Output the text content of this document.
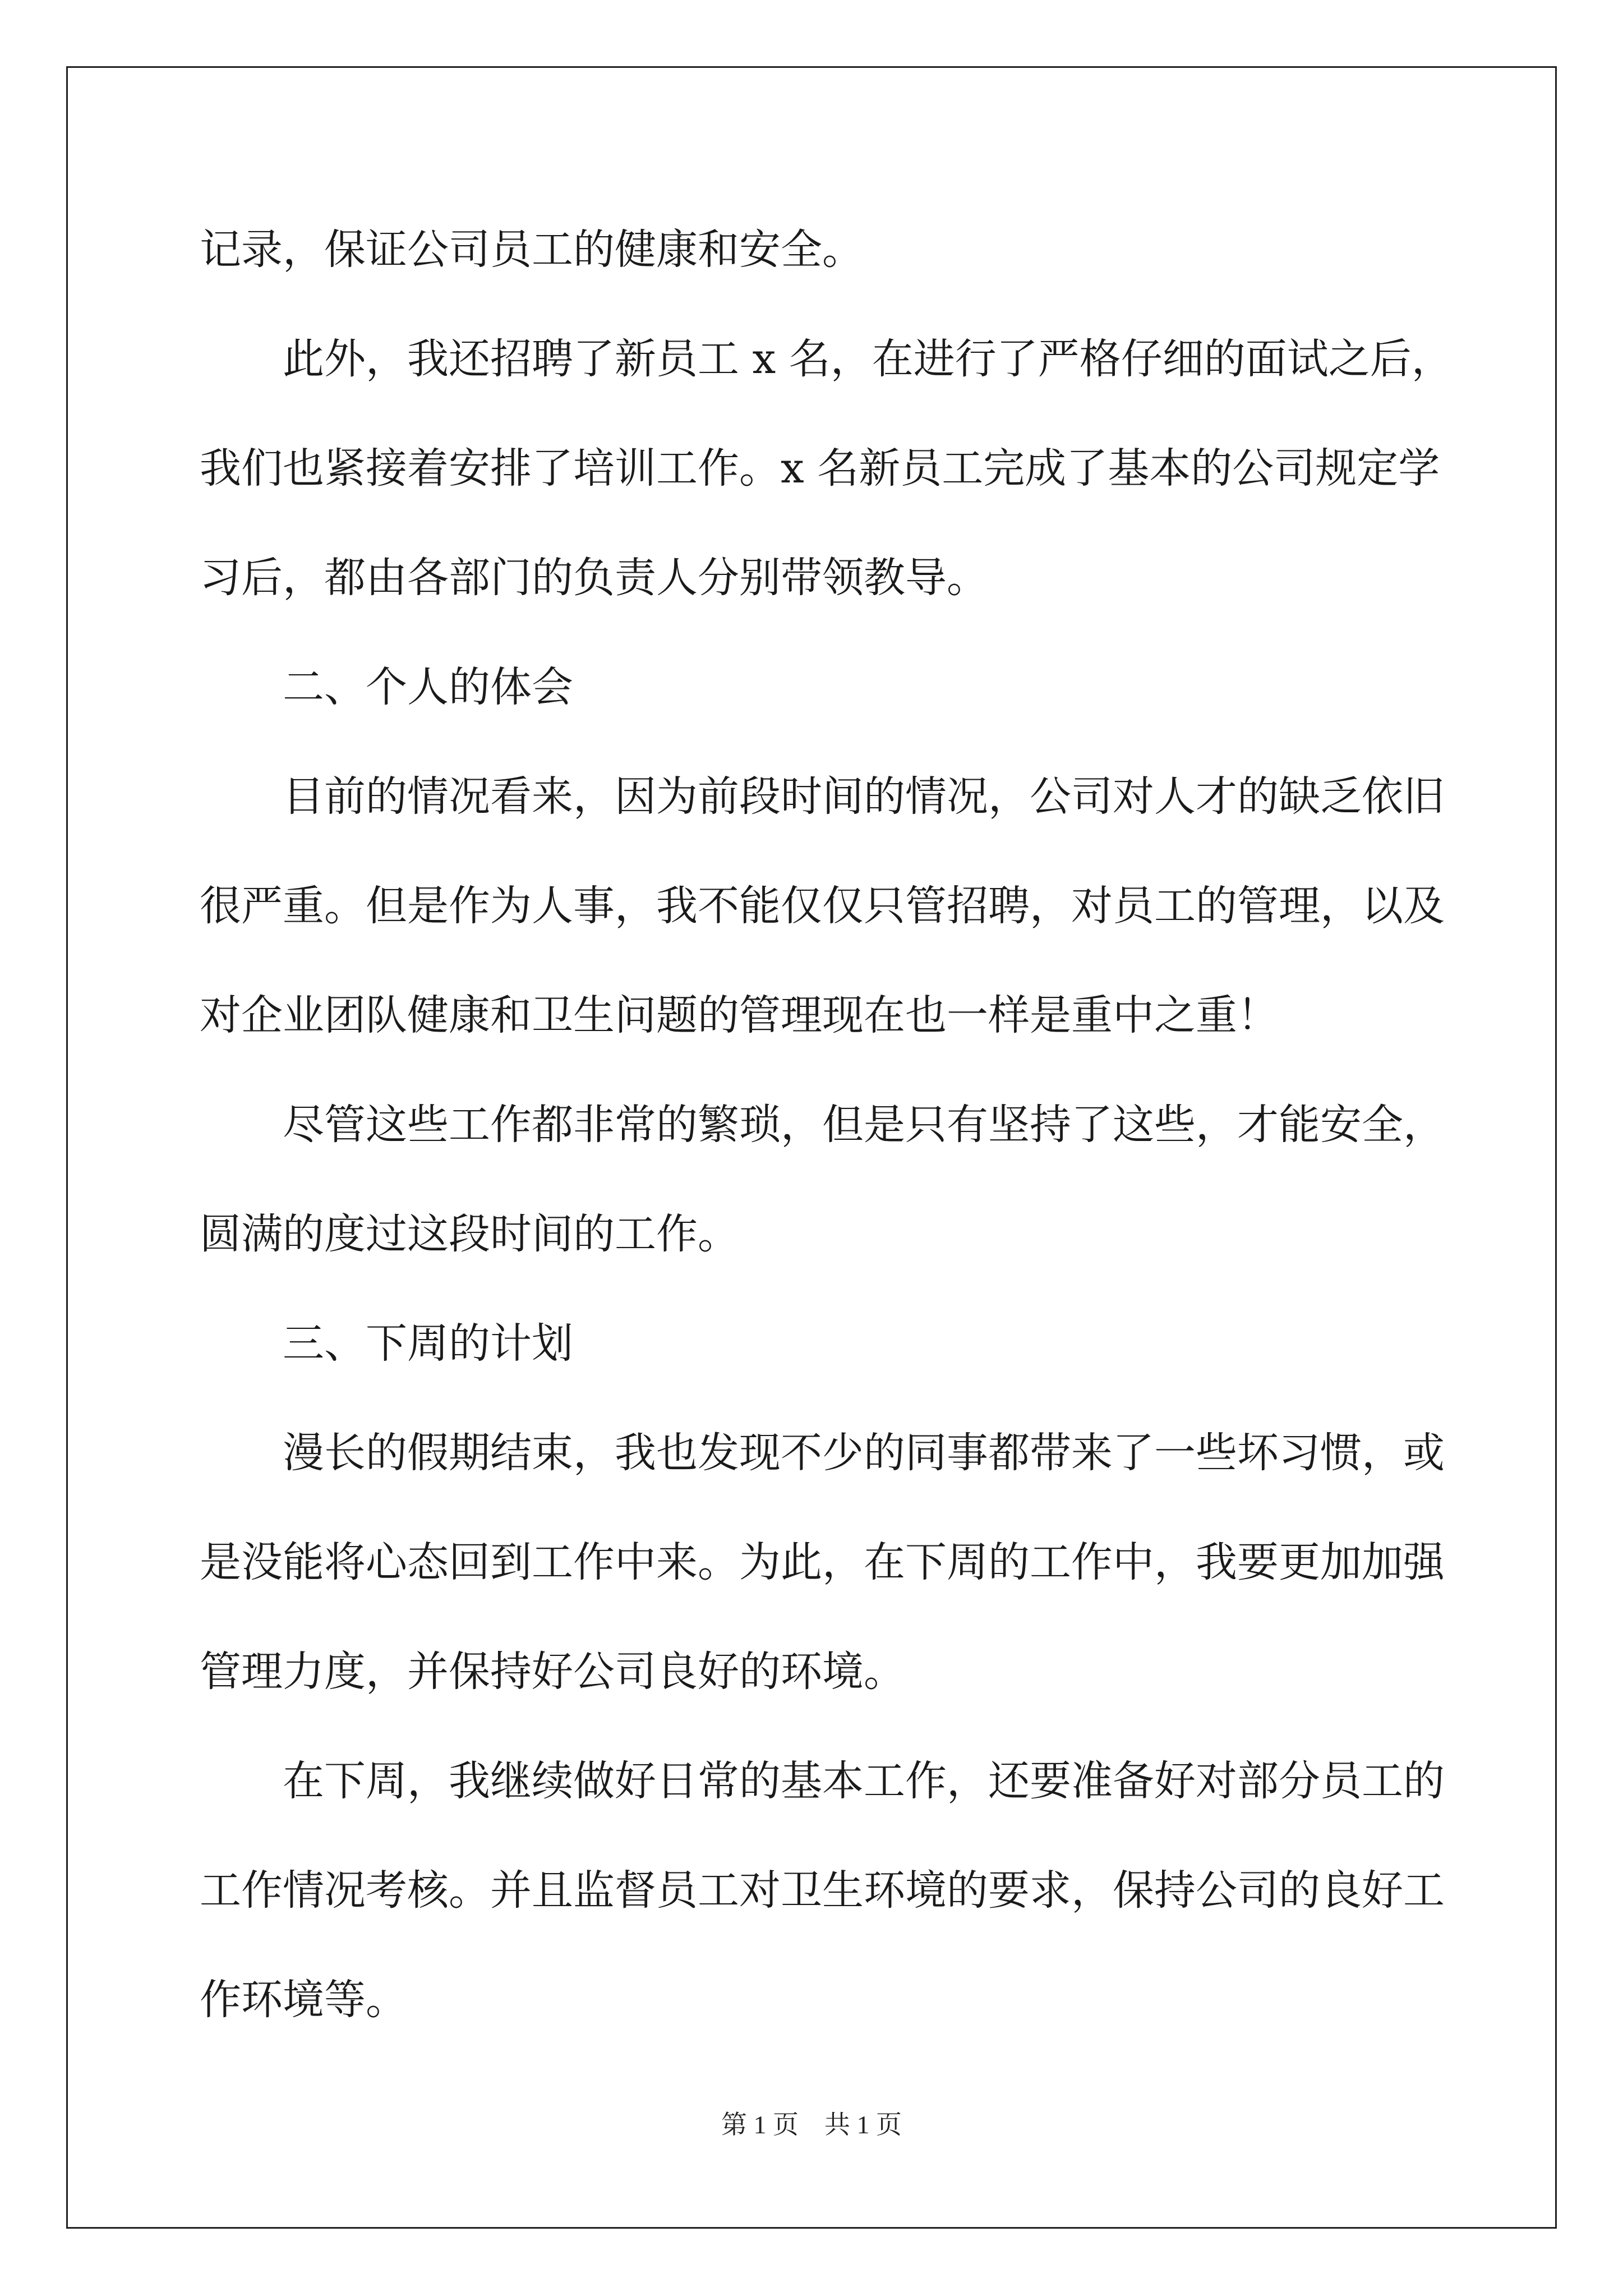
记录，保证公司员工的健康和安全。
此外，我还招聘了新员工 x 名，在进行了严格仔细的面试之后，
我们也紧接着安排了培训工作。x 名新员工完成了基本的公司规定学
习后，都由各部门的负责人分别带领教导。
二、个人的体会
目前的情况看来，因为前段时间的情况，公司对人才的缺乏依旧
很严重。但是作为人事，我不能仅仅只管招聘，对员工的管理，以及
对企业团队健康和卫生问题的管理现在也一样是重中之重！
尽管这些工作都非常的繁琐，但是只有坚持了这些，才能安全，
圆满的度过这段时间的工作。
三、下周的计划
漫长的假期结束，我也发现不少的同事都带来了一些坏习惯，或
是没能将心态回到工作中来。为此，在下周的工作中，我要更加加强
管理力度，并保持好公司良好的环境。
在下周，我继续做好日常的基本工作，还要准备好对部分员工的
工作情况考核。并且监督员工对卫生环境的要求，保持公司的良好工
作环境等。
第 1 页　共 1 页
